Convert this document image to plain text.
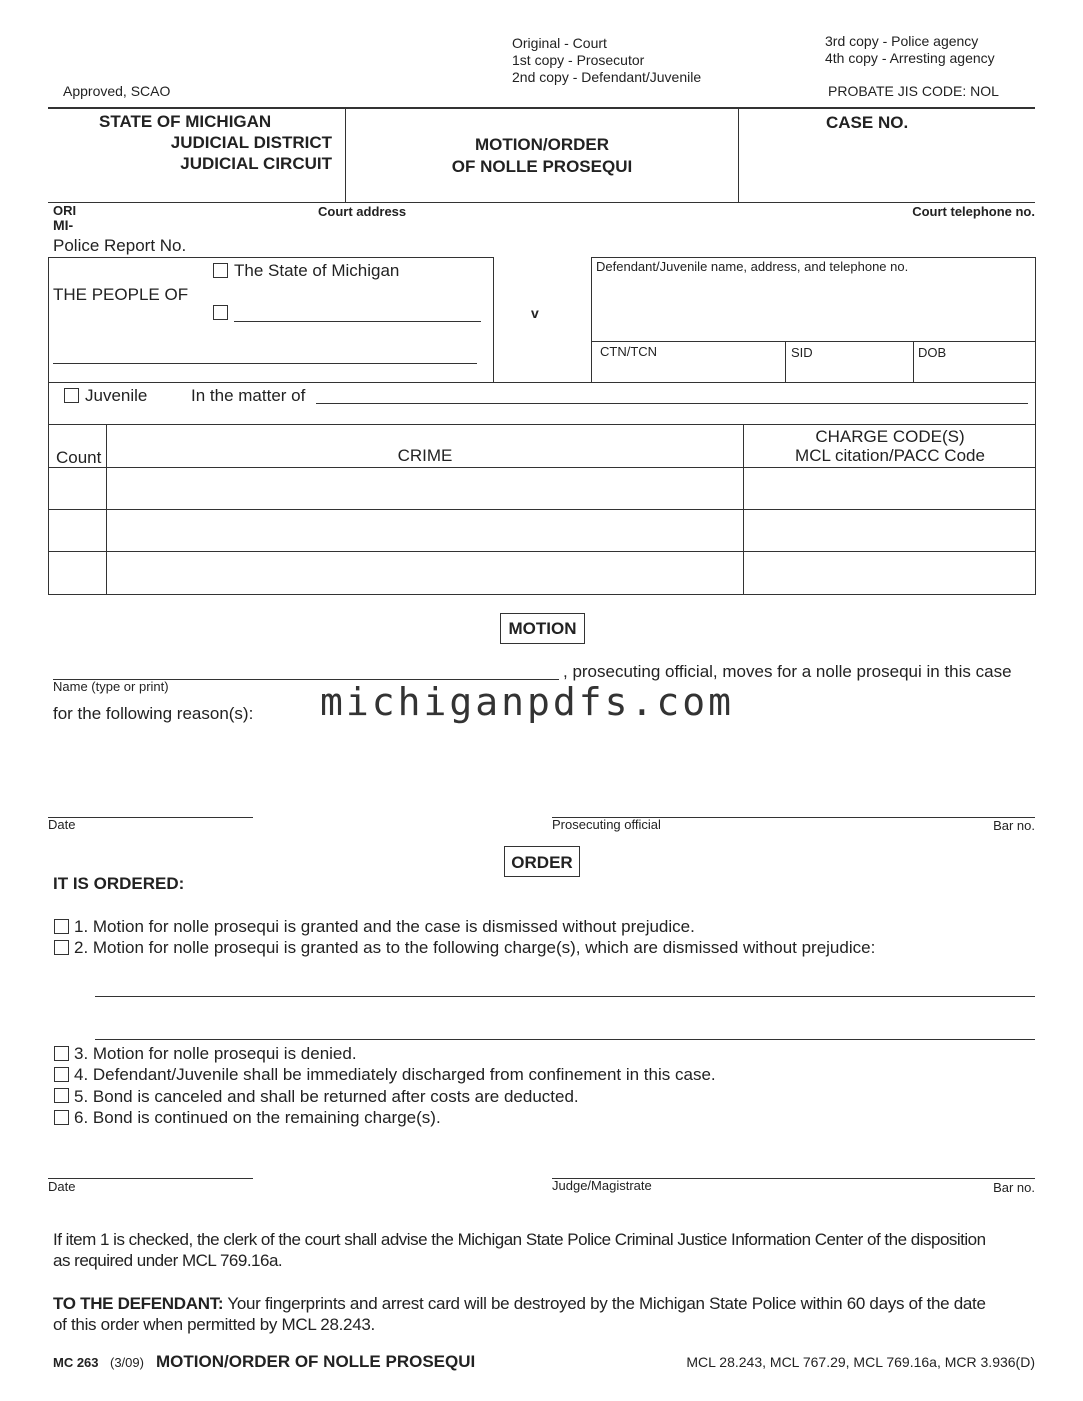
Original - Court
1st copy - Prosecutor
2nd copy - Defendant/Juvenile
3rd copy - Police agency
4th copy - Arresting agency
Approved, SCAO	PROBATE JIS CODE: NOL
STATE OF MICHIGAN
JUDICIAL DISTRICT
JUDICIAL CIRCUIT
MOTION/ORDER
OF NOLLE PROSEQUI
CASE NO.
ORI
MI-
Court address	Court telephone no.
Police Report No.
THE PEOPLE OF
The State of Michigan
v
Defendant/Juvenile name, address, and telephone no.
CTN/TCN	SID	DOB
Juvenile	In the matter of
Count	CRIME
CHARGE CODE(S)
MCL citation/PACC Code
MOTION
, prosecuting official, moves for a nolle prosequi in this case
Name (type or print)
for the following reason(s): michiganpdfs.com
Date	Prosecuting official	Bar no.
ORDER
IT IS ORDERED:
1. Motion for nolle prosequi is granted and the case is dismissed without prejudice.
2. Motion for nolle prosequi is granted as to the following charge(s), which are dismissed without prejudice:
3. Motion for nolle prosequi is denied.
4. Defendant/Juvenile shall be immediately discharged from confinement in this case.
5. Bond is canceled and shall be returned after costs are deducted.
6. Bond is continued on the remaining charge(s).
Date	Judge/Magistrate	Bar no.
If item 1 is checked, the clerk of the court shall advise the Michigan State Police Criminal Justice Information Center of the disposition
as required under MCL 769.16a.
TO THE DEFENDANT: Your fingerprints and arrest card will be destroyed by the Michigan State Police within 60 days of the date
of this order when permitted by MCL 28.243.
MC 263 (3/09) MOTION/ORDER OF NOLLE PROSEQUI	MCL 28.243, MCL 767.29, MCL 769.16a, MCR 3.936(D)
